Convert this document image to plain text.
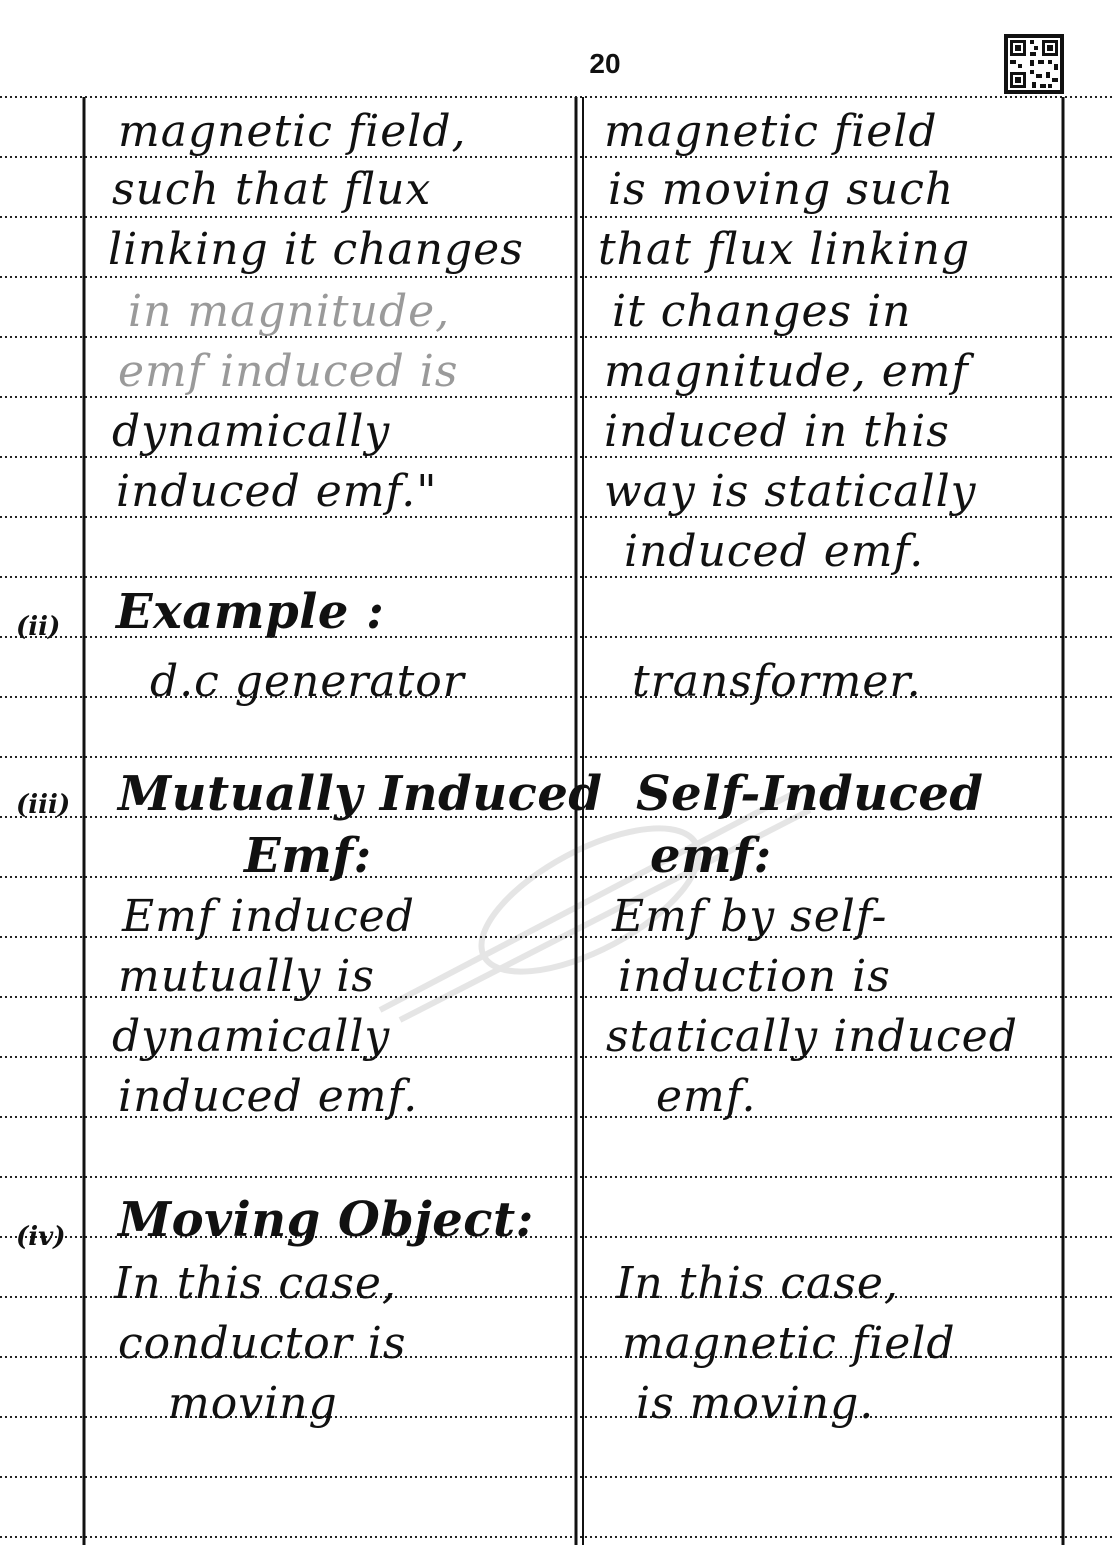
20
(ii)
(iii)
(iv)
magnetic field,
such that flux
linking it changes
in magnitude,
emf induced is
dynamically
induced emf."
Example :
d.c generator
Mutually Induced
Emf:
Emf induced
mutually is
dynamically
induced emf.
Moving Object:
In this case,
conductor is
moving
magnetic field
is moving such
that flux linking
it changes in
magnitude, emf
induced in this
way is statically
induced emf.
transformer.
Self-Induced
emf:
Emf by self-
induction is
statically induced
emf.
In this case,
magnetic field
is moving.
